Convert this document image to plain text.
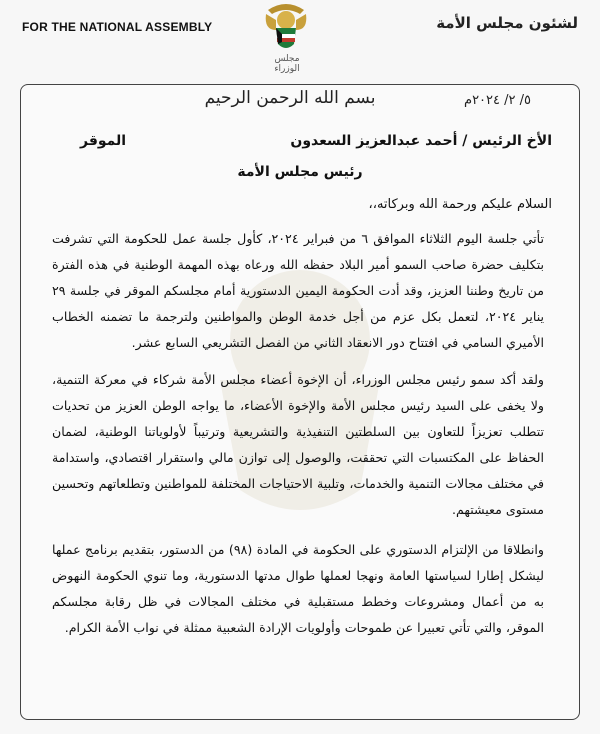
FOR THE NATIONAL ASSEMBLY	لشئون مجلس الأمة
مجلس الوزراء
٥/ ٢/ ٢٠٢٤م
بسم الله الرحمن الرحيم
الأخ الرئيس / أحمد عبدالعزيز السعدون
الموقر
رئيس مجلس الأمة
السلام عليكم ورحمة الله وبركاته،،

تأتي جلسة اليوم الثلاثاء الموافق ٦ من فبراير ٢٠٢٤، كأول جلسة عمل للحكومة التي تشرفت بتكليف حضرة صاحب السمو أمير البلاد حفظه الله ورعاه بهذه المهمة الوطنية في هذه الفترة من تاريخ وطننا العزيز، وقد أدت الحكومة اليمين الدستورية أمام مجلسكم الموقر في جلسة ٢٩ يناير ٢٠٢٤، لتعمل بكل عزم من أجل خدمة الوطن والمواطنين ولترجمة ما تضمنه الخطاب الأميري السامي في افتتاح دور الانعقاد الثاني من الفصل التشريعي السابع عشر.

ولقد أكد سمو رئيس مجلس الوزراء، أن الإخوة أعضاء مجلس الأمة شركاء في معركة التنمية، ولا يخفى على السيد رئيس مجلس الأمة والإخوة الأعضاء، ما يواجه الوطن العزيز من تحديات تتطلب تعزيزاً للتعاون بين السلطتين التنفيذية والتشريعية وترتيباً لأولوياتنا الوطنية، لضمان الحفاظ على المكتسبات التي تحققت، والوصول إلى توازن مالي واستقرار اقتصادي، واستدامة في مختلف مجالات التنمية والخدمات، وتلبية الاحتياجات المختلفة للمواطنين وتطلعاتهم وتحسين مستوى معيشتهم.

وانطلاقا من الإلتزام الدستوري على الحكومة في المادة (٩٨) من الدستور، بتقديم برنامج عملها ليشكل إطارا لسياستها العامة ونهجا لعملها طوال مدتها الدستورية، وما تنوي الحكومة النهوض به من أعمال ومشروعات وخطط مستقبلية في مختلف المجالات في ظل رقابة مجلسكم الموقر، والتي تأتي تعبيرا عن طموحات وأولويات الإرادة الشعبية ممثلة في نواب الأمة الكرام.
